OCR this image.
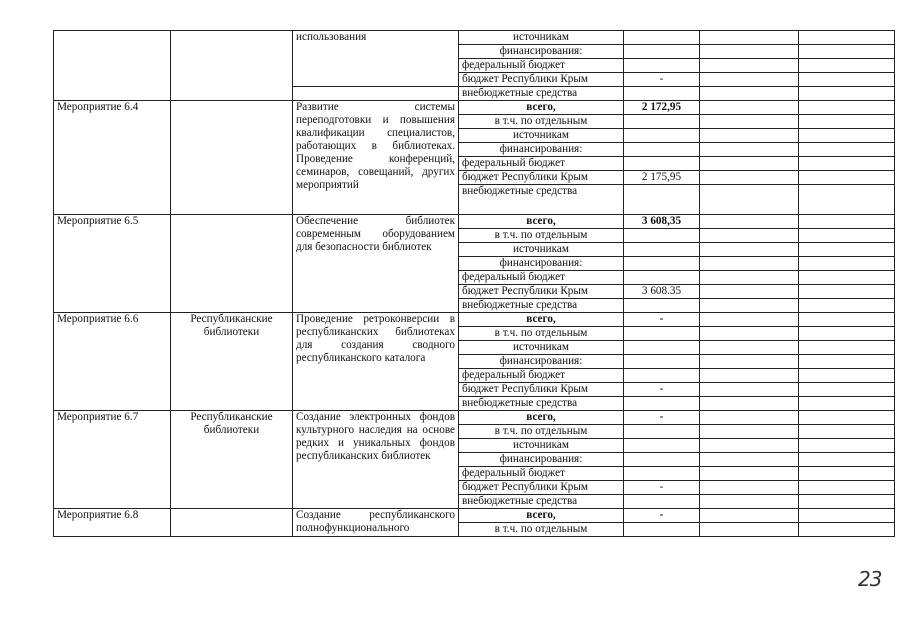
		использования	источникам			
			финансирования:			
			федеральный бюджет			
			бюджет Республики Крым	-		
			внебюджетные средства			
Мероприятие 6.4		Развитие системы переподготовки и повышения квалификации специалистов, работающих в библиотеках. Проведение конференций, семинаров, совещаний, других мероприятий	всего,	2 172,95		
			в т.ч. по отдельным			
			источникам			
			финансирования:			
			федеральный бюджет			
			бюджет Республики Крым	2 175,95		
			внебюджетные средства			
Мероприятие 6.5		Обеспечение библиотек современным оборудованием для безопасности библиотек	всего,	3 608,35		
			в т.ч. по отдельным			
			источникам			
			финансирования:			
			федеральный бюджет			
			бюджет Республики Крым	3 608.35		
			внебюджетные средства			
Мероприятие 6.6	Республиканские библиотеки	Проведение ретроконверсии в республиканских библиотеках для создания сводного республиканского каталога	всего,	-		
			в т.ч. по отдельным			
			источникам			
			финансирования:			
			федеральный бюджет			
			бюджет Республики Крым	-		
			внебюджетные средства			
Мероприятие 6.7	Республиканские библиотеки	Создание электронных фондов культурного наследия на основе редких и уникальных фондов республиканских библиотек	всего,	-		
			в т.ч. по отдельным			
			источникам			
			финансирования:			
			федеральный бюджет			
			бюджет Республики Крым	-		
			внебюджетные средства			
Мероприятие 6.8		Создание республиканского полнофункционального	всего,	-		
			в т.ч. по отдельным			
23
